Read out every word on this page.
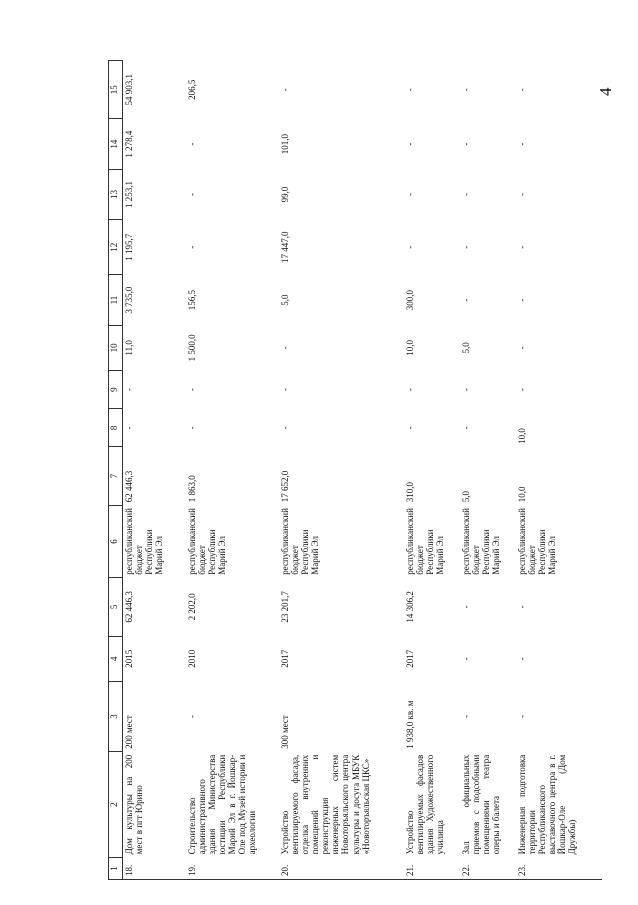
4
1	2	3	4	5	6	7	8	9	10	11	12	13	14	15
18.	Дом культуры на 200 мест в пгт Юрино	200 мест	2015	62 446,3	республиканский бюджет Республики Марий Эл	62 446,3	-	-	11,0	3 735,0	1 195,7	1 253,1	1 278,4	54 903,1
19.	Строительство административного здания Министерства юстиции Республики Марий Эл в г. Йошкар-Оле под Музей истории и археологии	-	2010	2 202,0	республиканский бюджет Республики Марий Эл	1 863,0	-	-	1 500,0	156,5	-	-	-	206,5
20.	Устройство вентилируемого фасада, отделка внутренних помещений и реконструкция инженерных систем Новоторъяльского центра культуры и досуга МБУК «Новоторъяльская ЦКС»	300 мест	2017	23 201,7	республиканский бюджет Республики Марий Эл	17 652,0	-	-	-	5,0	17 447,0	99,0	101,0	-
21.	Устройство вентилируемых фасадов здания Художественного училища	1 938,0 кв. м	2017	14 306,2	республиканский бюджет Республики Марий Эл	310,0	-	-	10,0	300,0	-	-	-	-
22.	Зал официальных приемов с подсобными помещениями театра оперы и балета	-	-	-	республиканский бюджет Республики Марий Эл	5,0	-	-	5,0	-	-	-	-	-
23.	Инженерная подготовка территории Республиканского выставочного центра в г. Йошкар-Оле (Дом Дружбы)	-	-	-	республиканский бюджет Республики Марий Эл	10,0	10,0	-	-	-	-	-	-	-
